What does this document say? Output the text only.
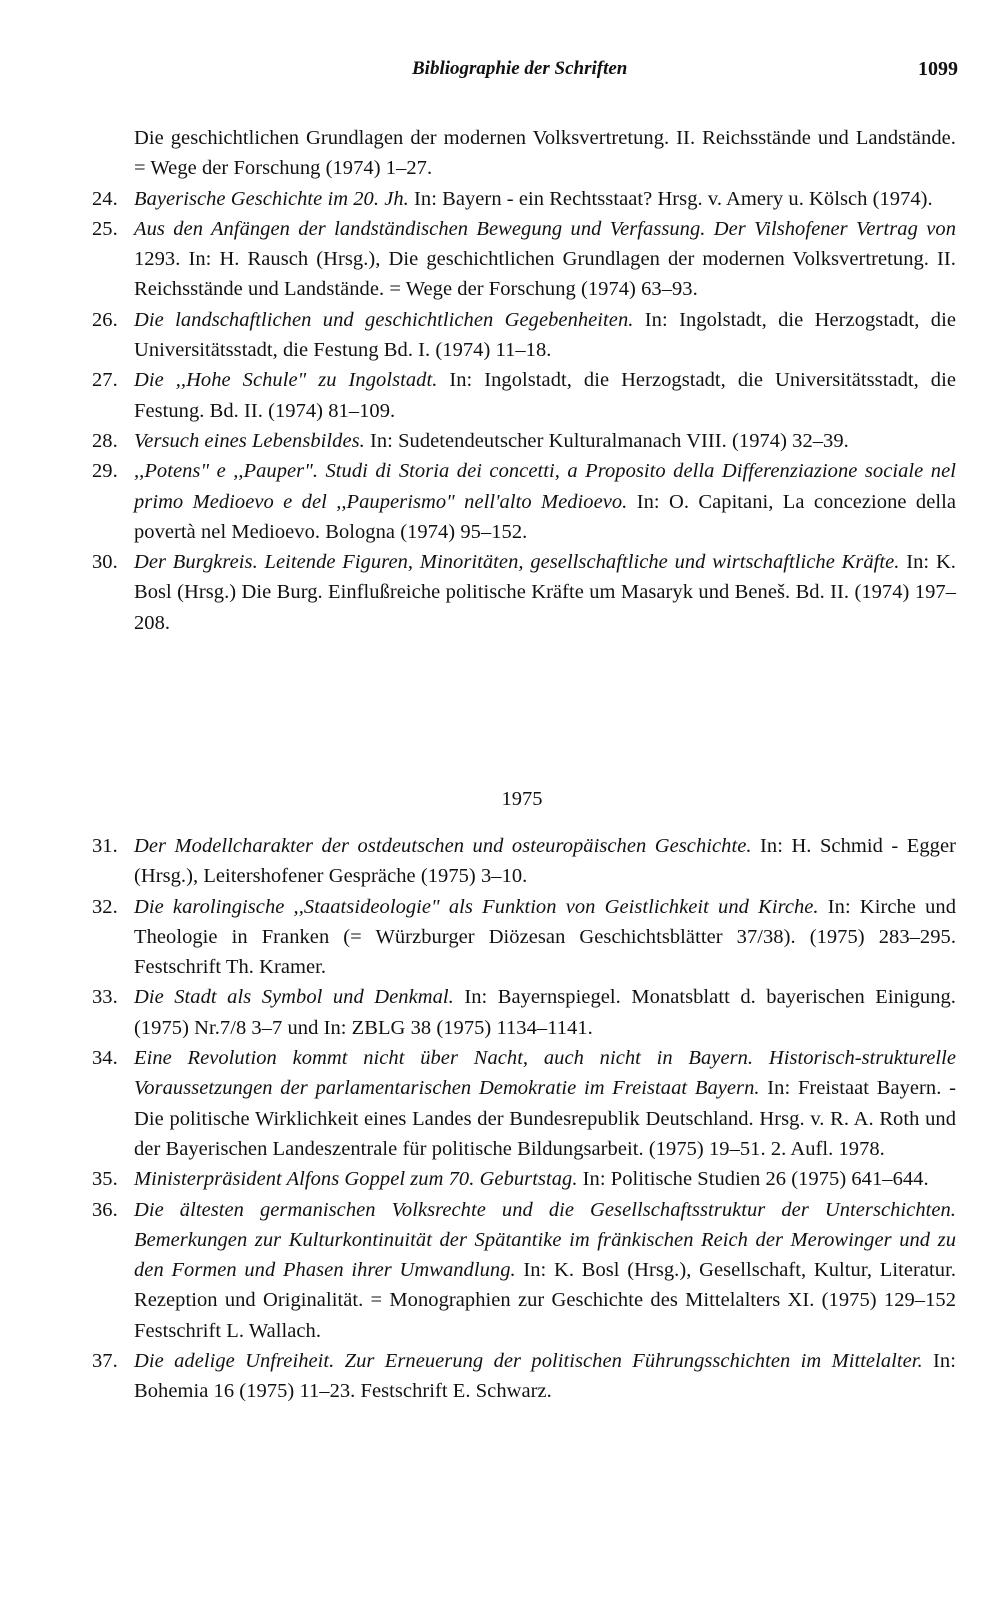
Bibliographie der Schriften	1099
Die geschichtlichen Grundlagen der modernen Volksvertretung. II. Reichsstände und Landstände. = Wege der Forschung (1974) 1–27.
24. Bayerische Geschichte im 20. Jh. In: Bayern - ein Rechtsstaat? Hrsg. v. Amery u. Kölsch (1974).
25. Aus den Anfängen der landständischen Bewegung und Verfassung. Der Vilshofener Vertrag von 1293. In: H. Rausch (Hrsg.), Die geschichtlichen Grundlagen der modernen Volksvertretung. II. Reichsstände und Landstände. = Wege der Forschung (1974) 63–93.
26. Die landschaftlichen und geschichtlichen Gegebenheiten. In: Ingolstadt, die Herzogstadt, die Universitätsstadt, die Festung Bd. I. (1974) 11–18.
27. Die ,,Hohe Schule" zu Ingolstadt. In: Ingolstadt, die Herzogstadt, die Universitätsstadt, die Festung. Bd. II. (1974) 81–109.
28. Versuch eines Lebensbildes. In: Sudetendeutscher Kulturalmanach VIII. (1974) 32–39.
29. ,,Potens" e ,,Pauper". Studi di Storia dei concetti, a Proposito della Differenziazione sociale nel primo Medioevo e del ,,Pauperismo" nell'alto Medioevo. In: O. Capitani, La concezione della povertà nel Medioevo. Bologna (1974) 95–152.
30. Der Burgkreis. Leitende Figuren, Minoritäten, gesellschaftliche und wirtschaftliche Kräfte. In: K. Bosl (Hrsg.) Die Burg. Einflußreiche politische Kräfte um Masaryk und Beneš. Bd. II. (1974) 197–208.
1975
31. Der Modellcharakter der ostdeutschen und osteuropäischen Geschichte. In: H. Schmid - Egger (Hrsg.), Leitershofener Gespräche (1975) 3–10.
32. Die karolingische ,,Staatsideologie" als Funktion von Geistlichkeit und Kirche. In: Kirche und Theologie in Franken (= Würzburger Diözesan Geschichtsblätter 37/38). (1975) 283–295. Festschrift Th. Kramer.
33. Die Stadt als Symbol und Denkmal. In: Bayernspiegel. Monatsblatt d. bayerischen Einigung. (1975) Nr.7/8 3–7 und In: ZBLG 38 (1975) 1134–1141.
34. Eine Revolution kommt nicht über Nacht, auch nicht in Bayern. Historisch-strukturelle Voraussetzungen der parlamentarischen Demokratie im Freistaat Bayern. In: Freistaat Bayern. - Die politische Wirklichkeit eines Landes der Bundesrepublik Deutschland. Hrsg. v. R. A. Roth und der Bayerischen Landeszentrale für politische Bildungsarbeit. (1975) 19–51. 2. Aufl. 1978.
35. Ministerpräsident Alfons Goppel zum 70. Geburtstag. In: Politische Studien 26 (1975) 641–644.
36. Die ältesten germanischen Volksrechte und die Gesellschaftsstruktur der Unterschichten. Bemerkungen zur Kulturkontinuität der Spätantike im fränkischen Reich der Merowinger und zu den Formen und Phasen ihrer Umwandlung. In: K. Bosl (Hrsg.), Gesellschaft, Kultur, Literatur. Rezeption und Originalität. = Monographien zur Geschichte des Mittelalters XI. (1975) 129–152 Festschrift L. Wallach.
37. Die adelige Unfreiheit. Zur Erneuerung der politischen Führungsschichten im Mittelalter. In: Bohemia 16 (1975) 11–23. Festschrift E. Schwarz.
